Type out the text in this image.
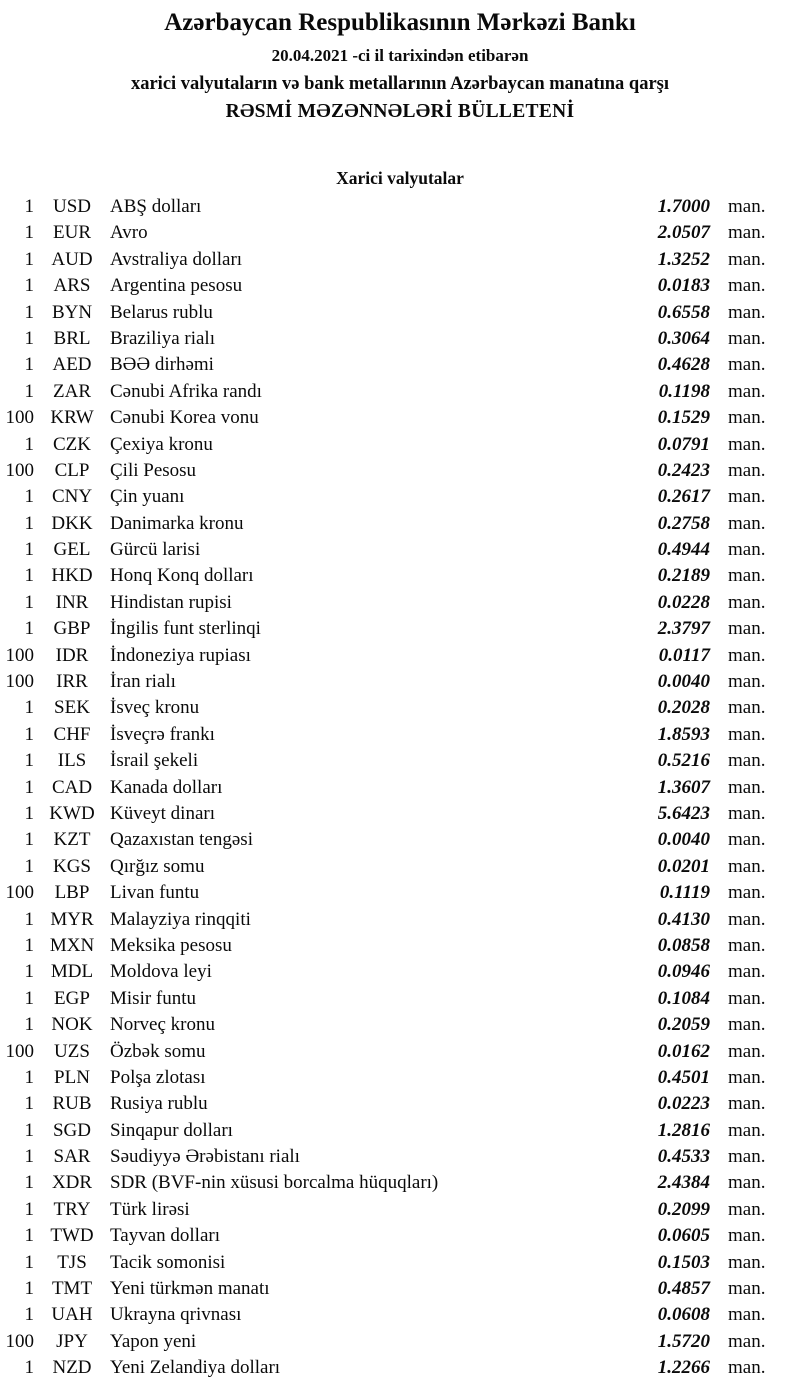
Azərbaycan Respublikasının Mərkəzi Bankı
20.04.2021 -ci il tarixindən etibarən
xarici valyutaların və bank metallarının Azərbaycan manatına qarşı
RƏSMİ MƏZƏNNƏLƏRİ BÜLLETENİ
Xarici valyutalar
1 USD	ABŞ dolları	1.7000 man.
1	EUR	Avro	2.0507 man.
1 AUD Avstraliya dolları	1.3252 man.
1	ARS	Argentina pesosu	0.0183 man.
1 BYN Belarus rublu	0.6558 man.
1	BRL	Braziliya rialı	0.3064 man.
1 AED BƏƏ dirhəmi	0.4628 man.
1	ZAR	Cənubi Afrika randı	0.1198 man.
100 KRW Cənubi Korea vonu	0.1529 man.
1	CZK	Çexiya kronu	0.0791 man.
100	CLP	Çili Pesosu	0.2423 man.
1 CNY Çin yuanı	0.2617 man.
1 DKK Danimarka kronu	0.2758 man.
1	GEL	Gürcü larisi	0.4944 man.
1 HKD Honq Konq dolları	0.2189 man.
1	INR	Hindistan rupisi	0.0228 man.
1	GBP	İngilis funt sterlinqi	2.3797 man.
100	IDR	İndoneziya rupiası	0.0117 man.
100	IRR	İran rialı	0.0040 man.
1	SEK	İsveç kronu	0.2028 man.
1	CHF	İsveçrə frankı	1.8593 man.
1	ILS	İsrail şekeli	0.5216 man.
1 CAD Kanada dolları	1.3607 man.
1 KWD Küveyt dinarı	5.6423 man.
1	KZT	Qazaxıstan tengəsi	0.0040 man.
1 KGS	Qırğız somu	0.0201 man.
100	LBP	Livan funtu	0.1119 man.
1 MYR Malayziya rinqqiti	0.4130 man.
1 MXN Meksika pesosu	0.0858 man.
1 MDL Moldova leyi	0.0946 man.
1	EGP	Misir funtu	0.1084 man.
1 NOK Norveç kronu	0.2059 man.
100	UZS	Özbək somu	0.0162 man.
1	PLN	Polşa zlotası	0.4501 man.
1 RUB Rusiya rublu	0.0223 man.
1 SGD	Sinqapur dolları	1.2816 man.
1	SAR	Səudiyyə Ərəbistanı rialı	0.4533 man.
1 XDR SDR (BVF-nin xüsusi borcalma hüquqları)	2.4384 man.
1	TRY	Türk lirəsi	0.2099 man.
1 TWD Tayvan dolları	0.0605 man.
1	TJS	Tacik somonisi	0.1503 man.
1 TMT Yeni türkmən manatı	0.4857 man.
1 UAH Ukrayna qrivnası	0.0608 man.
100	JPY	Yapon yeni	1.5720 man.
1 NZD Yeni Zelandiya dolları	1.2266 man.
